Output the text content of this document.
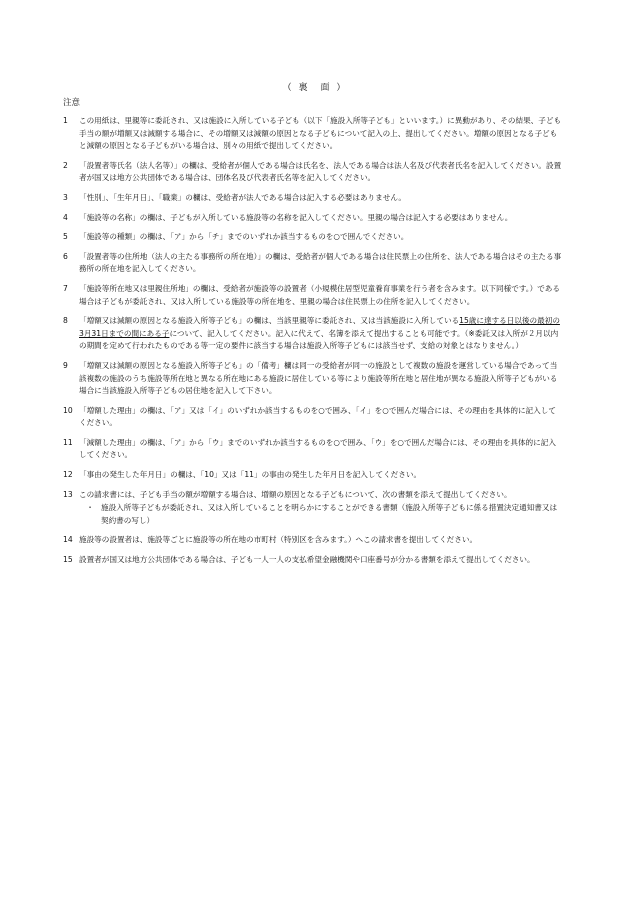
（ 裏　面 ）
注意
1	この用紙は、里親等に委託され、又は施設に入所している子ども（以下「施設入所等子ども」といいます。）に異動があり、その結果、子ども手当の額が増額又は減額する場合に、その増額又は減額の原因となる子どもについて記入の上、提出してください。増額の原因となる子どもと減額の原因となる子どもがいる場合は、別々の用紙で提出してください。
2	「設置者等氏名（法人名等）」の欄は、受給者が個人である場合は氏名を、法人である場合は法人名及び代表者氏名を記入してください。設置者が国又は地方公共団体である場合は、団体名及び代表者氏名等を記入してください。
3	「性別」、「生年月日」、「職業」の欄は、受給者が法人である場合は記入する必要はありません。
4	「施設等の名称」の欄は、子どもが入所している施設等の名称を記入してください。里親の場合は記入する必要はありません。
5	「施設等の種類」の欄は、「ア」から「チ」までのいずれか該当するものを○で囲んでください。
6	「設置者等の住所地（法人の主たる事務所の所在地）」の欄は、受給者が個人である場合は住民票上の住所を、法人である場合はその主たる事務所の所在地を記入してください。
7	「施設等所在地又は里親住所地」の欄は、受給者が施設等の設置者（小規模住居型児童養育事業を行う者を含みます。以下同様です。）である場合は子どもが委託され、又は入所している施設等の所在地を、里親の場合は住民票上の住所を記入してください。
8	「増額又は減額の原因となる施設入所等子ども」の欄は、当該里親等に委託され、又は当該施設に入所している15歳に達する日以後の最初の3月31日までの間にある子について、記入してください。記入に代えて、名簿を添えて提出することも可能です。（※委託又は入所が２月以内の期間を定めて行われたものである等一定の要件に該当する場合は施設入所等子どもには該当せず、支給の対象とはなりません。）
9	「増額又は減額の原因となる施設入所等子ども」の「備考」欄は同一の受給者が同一の施設として複数の施設を運営している場合であって当該複数の施設のうち施設等所在地と異なる所在地にある施設に居住している等により施設等所在地と居住地が異なる施設入所等子どもがいる場合に当該施設入所等子どもの居住地を記入して下さい。
10 「増額した理由」の欄は、「ア」又は「イ」のいずれか該当するものを○で囲み、「イ」を○で囲んだ場合には、その理由を具体的に記入してください。
11 「減額した理由」の欄は、「ア」から「ウ」までのいずれか該当するものを○で囲み、「ウ」を○で囲んだ場合には、その理由を具体的に記入してください。
12 「事由の発生した年月日」の欄は、「10」又は「11」の事由の発生した年月日を記入してください。
13 この請求書には、子ども手当の額が増額する場合は、増額の原因となる子どもについて、次の書類を添えて提出してください。
・ 施設入所等子どもが委託され、又は入所していることを明らかにすることができる書類（施設入所等子どもに係る措置決定通知書又は契約書の写し）
14 施設等の設置者は、施設等ごとに施設等の所在地の市町村（特別区を含みます。）へこの請求書を提出してください。
15 設置者が国又は地方公共団体である場合は、子ども一人一人の支払希望金融機関や口座番号が分かる書類を添えて提出してください。
